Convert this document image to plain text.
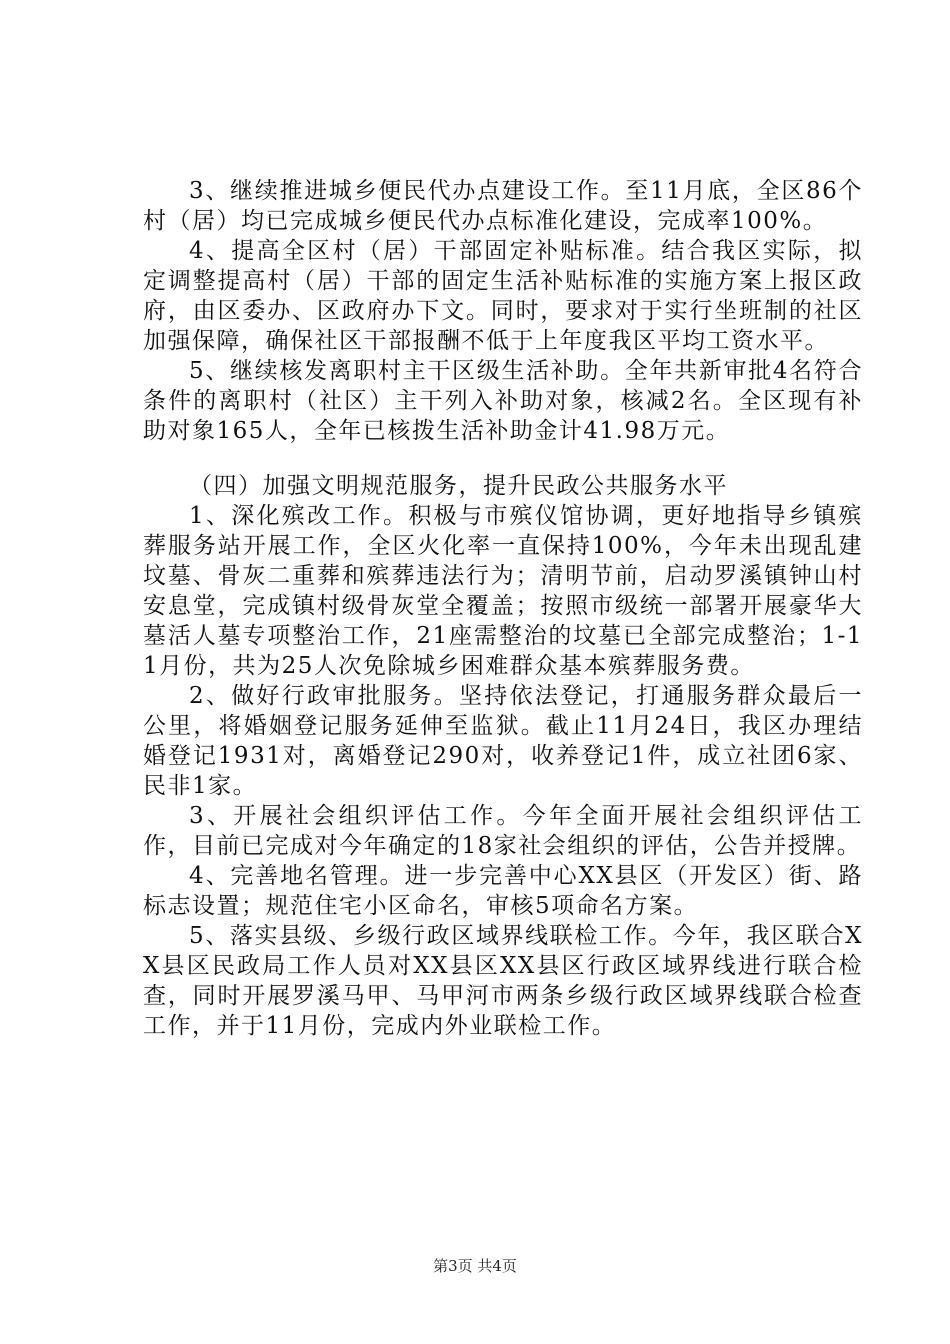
3、继续推进城乡便民代办点建设工作。至11月底，全区86个村（居）均已完成城乡便民代办点标准化建设，完成率100%。

4、提高全区村（居）干部固定补贴标准。结合我区实际，拟定调整提高村（居）干部的固定生活补贴标准的实施方案上报区政府，由区委办、区政府办下文。同时，要求对于实行坐班制的社区加强保障，确保社区干部报酬不低于上年度我区平均工资水平。

5、继续核发离职村主干区级生活补助。全年共新审批4名符合条件的离职村（社区）主干列入补助对象，核减2名。全区现有补助对象165人，全年已核拨生活补助金计41.98万元。

（四）加强文明规范服务，提升民政公共服务水平

1、深化殡改工作。积极与市殡仪馆协调，更好地指导乡镇殡葬服务站开展工作，全区火化率一直保持100%，今年未出现乱建坟墓、骨灰二重葬和殡葬违法行为；清明节前，启动罗溪镇钟山村安息堂，完成镇村级骨灰堂全覆盖；按照市级统一部署开展豪华大墓活人墓专项整治工作，21座需整治的坟墓已全部完成整治；1-11月份，共为25人次免除城乡困难群众基本殡葬服务费。

2、做好行政审批服务。坚持依法登记，打通服务群众最后一公里，将婚姻登记服务延伸至监狱。截止11月24日，我区办理结婚登记1931对，离婚登记290对，收养登记1件，成立社团6家、民非1家。

3、开展社会组织评估工作。今年全面开展社会组织评估工作，目前已完成对今年确定的18家社会组织的评估，公告并授牌。

4、完善地名管理。进一步完善中心XX县区（开发区）街、路标志设置；规范住宅小区命名，审核5项命名方案。

5、落实县级、乡级行政区域界线联检工作。今年，我区联合XX县区民政局工作人员对XX县区XX县区行政区域界线进行联合检查，同时开展罗溪马甲、马甲河市两条乡级行政区域界线联合检查工作，并于11月份，完成内外业联检工作。

第3页 共4页
